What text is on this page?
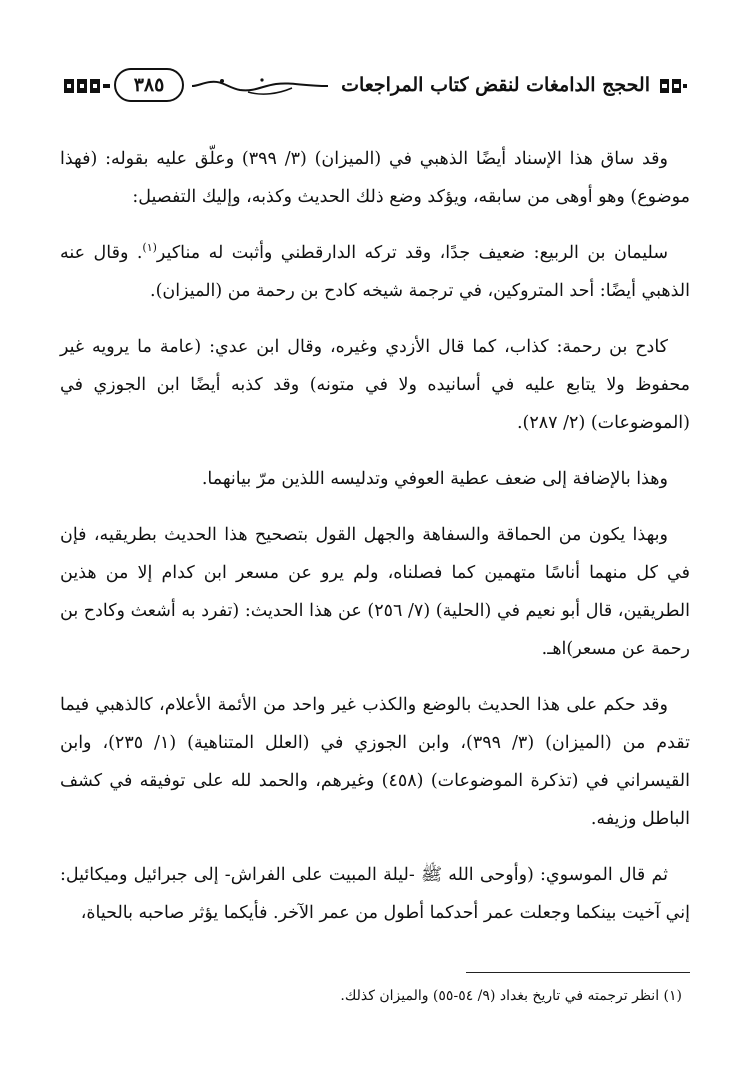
الحجج الدامغات لنقض كتاب المراجعات
٣٨٥

وقد ساق هذا الإسناد أيضًا الذهبي في (الميزان) (٣/ ٣٩٩) وعلّق عليه بقوله: (فهذا موضوع) وهو أوهى من سابقه، ويؤكد وضع ذلك الحديث وكذبه، وإليك التفصيل:

سليمان بن الربيع: ضعيف جدًا، وقد تركه الدارقطني وأثبت له مناكير$^{(١)}$. وقال عنه الذهبي أيضًا: أحد المتروكين، في ترجمة شيخه كادح بن رحمة من (الميزان).

كادح بن رحمة: كذاب، كما قال الأزدي وغيره، وقال ابن عدي: (عامة ما يرويه غير محفوظ ولا يتابع عليه في أسانيده ولا في متونه) وقد كذبه أيضًا ابن الجوزي في (الموضوعات) (٢/ ٢٨٧).

وهذا بالإضافة إلى ضعف عطية العوفي وتدليسه اللذين مرّ بيانهما.

وبهذا يكون من الحماقة والسفاهة والجهل القول بتصحيح هذا الحديث بطريقيه، فإن في كل منهما أناسًا متهمين كما فصلناه، ولم يرو عن مسعر ابن كدام إلا من هذين الطريقين، قال أبو نعيم في (الحلية) (٧/ ٢٥٦) عن هذا الحديث: (تفرد به أشعث وكادح بن رحمة عن مسعر)اهـ.

وقد حكم على هذا الحديث بالوضع والكذب غير واحد من الأئمة الأعلام، كالذهبي فيما تقدم من (الميزان) (٣/ ٣٩٩)، وابن الجوزي في (العلل المتناهية) (١/ ٢٣٥)، وابن القيسراني في (تذكرة الموضوعات) (٤٥٨) وغيرهم، والحمد لله على توفيقه في كشف الباطل وزيفه.

ثم قال الموسوي: (وأوحى الله ﷺ -ليلة المبيت على الفراش- إلى جبرائيل وميكائيل: إني آخيت بينكما وجعلت عمر أحدكما أطول من عمر الآخر. فأيكما يؤثر صاحبه بالحياة،

(١) انظر ترجمته في تاريخ بغداد (٩/ ٥٤-٥٥) والميزان كذلك.
